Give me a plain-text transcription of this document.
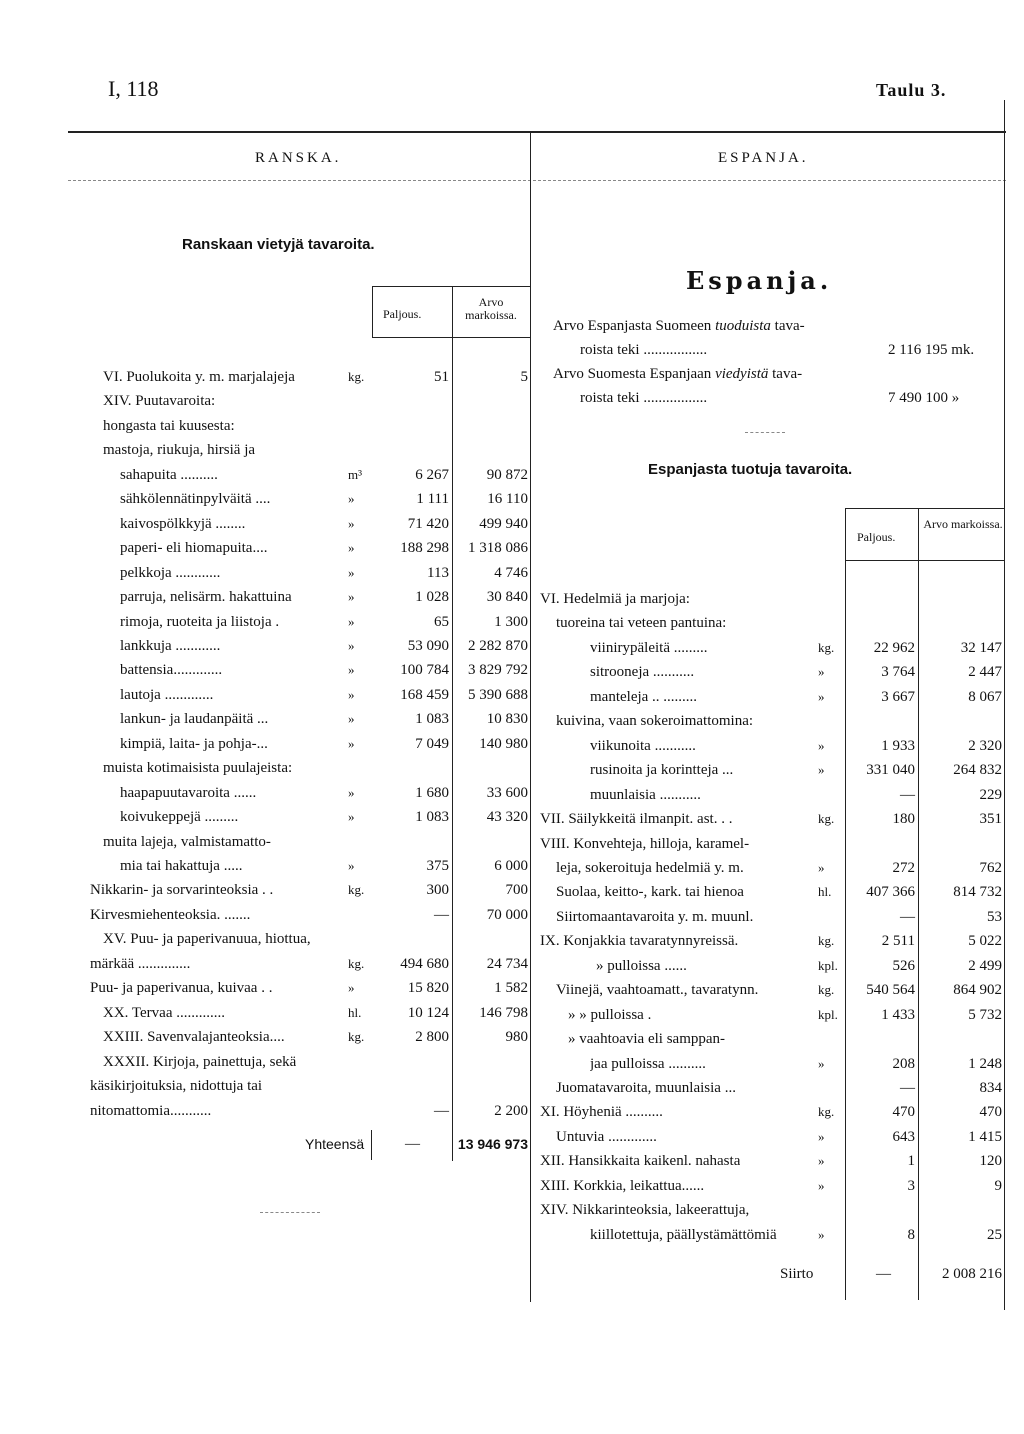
I, 118	Taulu 3.
RANSKA.	ESPANJA.
Ranskaan vietyjä tavaroita.
Paljous.
Arvo markoissa.
VI. Puolukoita y. m. marjalajeja	kg.	51	5
XIV. Puutavaroita:
hongasta tai kuusesta:
mastoja, riukuja, hirsiä ja
sahapuita ..........	m³	6 267	90 872
sähkölennätinpylväitä ....	»	1 111	16 110
kaivospölkkyjä ........	»	71 420	499 940
paperi- eli hiomapuita....	»	188 298	1 318 086
pelkkoja ............	»	113	4 746
parruja, nelisärm. hakattuina	»	1 028	30 840
rimoja, ruoteita ja liistoja .	»	65	1 300
lankkuja ............	»	53 090	2 282 870
battensia.............	»	100 784	3 829 792
lautoja .............	»	168 459	5 390 688
lankun- ja laudanpäitä ...	»	1 083	10 830
kimpiä, laita- ja pohja-...	»	7 049	140 980
muista kotimaisista puulajeista:
haapapuutavaroita ......	»	1 680	33 600
koivukeppejä .........	»	1 083	43 320
muita lajeja, valmistamatto-
mia tai hakattuja .....	»	375	6 000
Nikkarin- ja sorvarinteoksia . .	kg.	300	700
Kirvesmiehenteoksia. .......	—	70 000
XV. Puu- ja paperivanuua, hiottua,
märkää ..............	kg.	494 680	24 734
Puu- ja paperivanua, kuivaa . .	»	15 820	1 582
XX. Tervaa .............	hl.	10 124	146 798
XXIII. Savenvalajanteoksia....	kg.	2 800	980
XXXII. Kirjoja, painettuja, sekä
käsikirjoituksia, nidottuja tai
nitomattomia...........	—	2 200
Yhteensä	—	13 946 973
Espanja.
Arvo Espanjasta Suomeen tuoduista tava-
roista teki .................	2 116 195 mk.
Arvo Suomesta Espanjaan viedyistä tava-
roista teki .................	7 490 100 »
Espanjasta tuotuja tavaroita.
Paljous.
Arvo markoissa.
VI. Hedelmiä ja marjoja:
tuoreina tai veteen pantuina:
viinirypäleitä .........	kg.	22 962	32 147
sitrooneja ...........	»	3 764	2 447
manteleja .. .........	»	3 667	8 067
kuivina, vaan sokeroimattomina:
viikunoita ...........	»	1 933	2 320
rusinoita ja korintteja ...	»	331 040	264 832
muunlaisia ...........	—	229
VII. Säilykkeitä ilmanpit. ast. . .	kg.	180	351
VIII. Konvehteja, hilloja, karamel-
leja, sokeroituja hedelmiä y. m.	»	272	762
Suolaa, keitto-, kark. tai hienoa	hl.	407 366	814 732
Siirtomaantavaroita y. m. muunl.	—	53
IX. Konjakkia tavaratynnyreissä.	kg.	2 511	5 022
» pulloissa ......	kpl.	526	2 499
Viinejä, vaahtoamatt., tavaratynn.	kg.	540 564	864 902
» » pulloissa .	kpl.	1 433	5 732
» vaahtoavia eli samppan-
jaa pulloissa ..........	»	208	1 248
Juomatavaroita, muunlaisia ...	—	834
XI. Höyheniä ..........	kg.	470	470
Untuvia .............	»	643	1 415
XII. Hansikkaita kaikenl. nahasta	»	1	120
XIII. Korkkia, leikattua......	»	3	9
XIV. Nikkarinteoksia, lakeerattuja,
kiillotettuja, päällystämättömiä	»	8	25
Siirto	—	2 008 216
